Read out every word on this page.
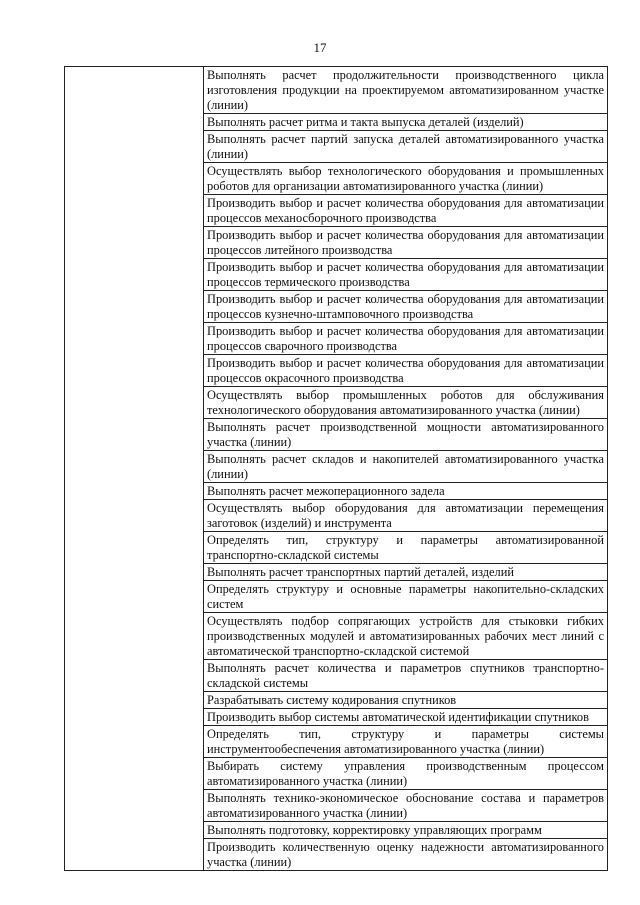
17

Выполнять расчет продолжительности производственного цикла изготовления продукции на проектируемом автоматизированном участке (линии)
Выполнять расчет ритма и такта выпуска деталей (изделий)
Выполнять расчет партий запуска деталей автоматизированного участка (линии)
Осуществлять выбор технологического оборудования и промышленных роботов для организации автоматизированного участка (линии)
Производить выбор и расчет количества оборудования для автоматизации процессов механосборочного производства
Производить выбор и расчет количества оборудования для автоматизации процессов литейного производства
Производить выбор и расчет количества оборудования для автоматизации процессов термического производства
Производить выбор и расчет количества оборудования для автоматизации процессов кузнечно-штамповочного производства
Производить выбор и расчет количества оборудования для автоматизации процессов сварочного производства
Производить выбор и расчет количества оборудования для автоматизации процессов окрасочного производства
Осуществлять выбор промышленных роботов для обслуживания технологического оборудования автоматизированного участка (линии)
Выполнять расчет производственной мощности автоматизированного участка (линии)
Выполнять расчет складов и накопителей автоматизированного участка (линии)
Выполнять расчет межоперационного задела
Осуществлять выбор оборудования для автоматизации перемещения заготовок (изделий) и инструмента
Определять тип, структуру и параметры автоматизированной транспортно-складской системы
Выполнять расчет транспортных партий деталей, изделий
Определять структуру и основные параметры накопительно-складских систем
Осуществлять подбор сопрягающих устройств для стыковки гибких производственных модулей и автоматизированных рабочих мест линий с автоматической транспортно-складской системой
Выполнять расчет количества и параметров спутников транспортно-складской системы
Разрабатывать систему кодирования спутников
Производить выбор системы автоматической идентификации спутников
Определять тип, структуру и параметры системы инструментообеспечения автоматизированного участка (линии)
Выбирать систему управления производственным процессом автоматизированного участка (линии)
Выполнять технико-экономическое обоснование состава и параметров автоматизированного участка (линии)
Выполнять подготовку, корректировку управляющих программ
Производить количественную оценку надежности автоматизированного участка (линии)
